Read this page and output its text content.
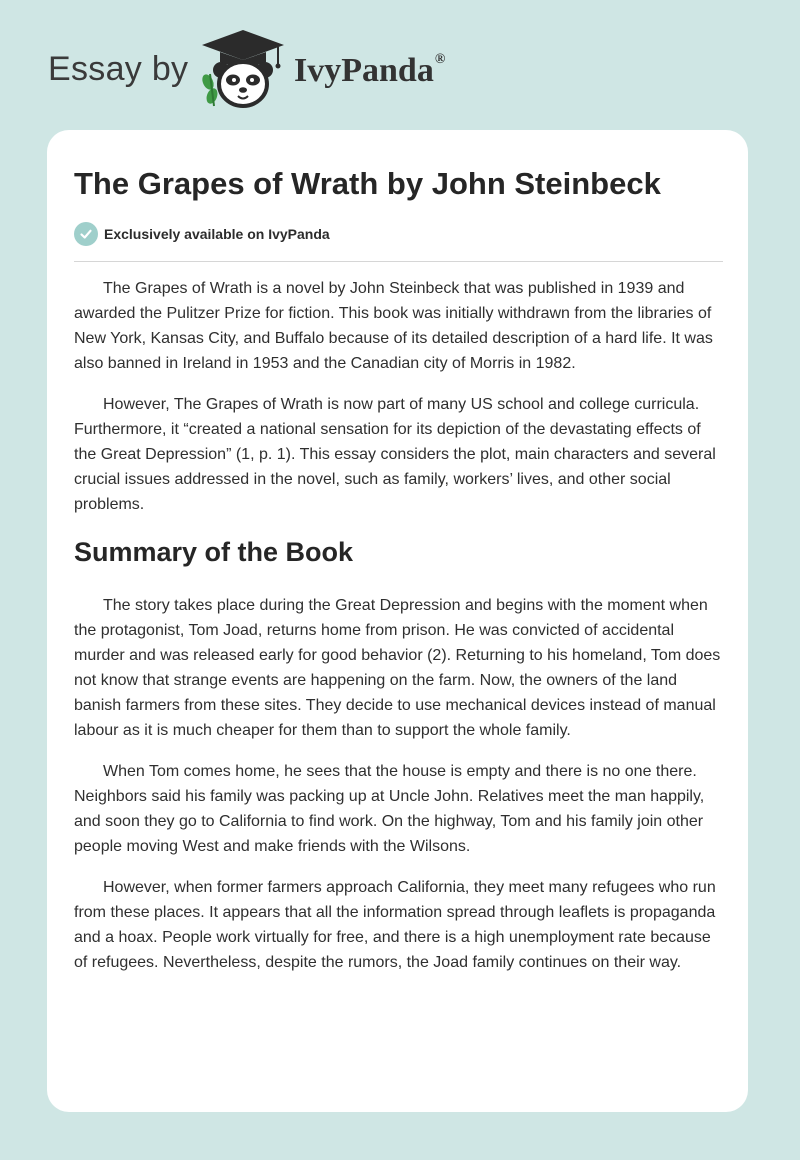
Essay by	IvyPanda®
The Grapes of Wrath by John Steinbeck
Exclusively available on IvyPanda

The Grapes of Wrath is a novel by John Steinbeck that was published in 1939 and awarded the Pulitzer Prize for fiction. This book was initially withdrawn from the libraries of New York, Kansas City, and Buffalo because of its detailed description of a hard life. It was also banned in Ireland in 1953 and the Canadian city of Morris in 1982.

However, The Grapes of Wrath is now part of many US school and college curricula. Furthermore, it “created a national sensation for its depiction of the devastating effects of the Great Depression” (1, p. 1). This essay considers the plot, main characters and several crucial issues addressed in the novel, such as family, workers’ lives, and other social problems.

Summary of the Book

The story takes place during the Great Depression and begins with the moment when the protagonist, Tom Joad, returns home from prison. He was convicted of accidental murder and was released early for good behavior (2). Returning to his homeland, Tom does not know that strange events are happening on the farm. Now, the owners of the land banish farmers from these sites. They decide to use mechanical devices instead of manual labour as it is much cheaper for them than to support the whole family.

When Tom comes home, he sees that the house is empty and there is no one there. Neighbors said his family was packing up at Uncle John. Relatives meet the man happily, and soon they go to California to find work. On the highway, Tom and his family join other people moving West and make friends with the Wilsons.

However, when former farmers approach California, they meet many refugees who run from these places. It appears that all the information spread through leaflets is propaganda and a hoax. People work virtually for free, and there is a high unemployment rate because of refugees. Nevertheless, despite the rumors, the Joad family continues on their way.
